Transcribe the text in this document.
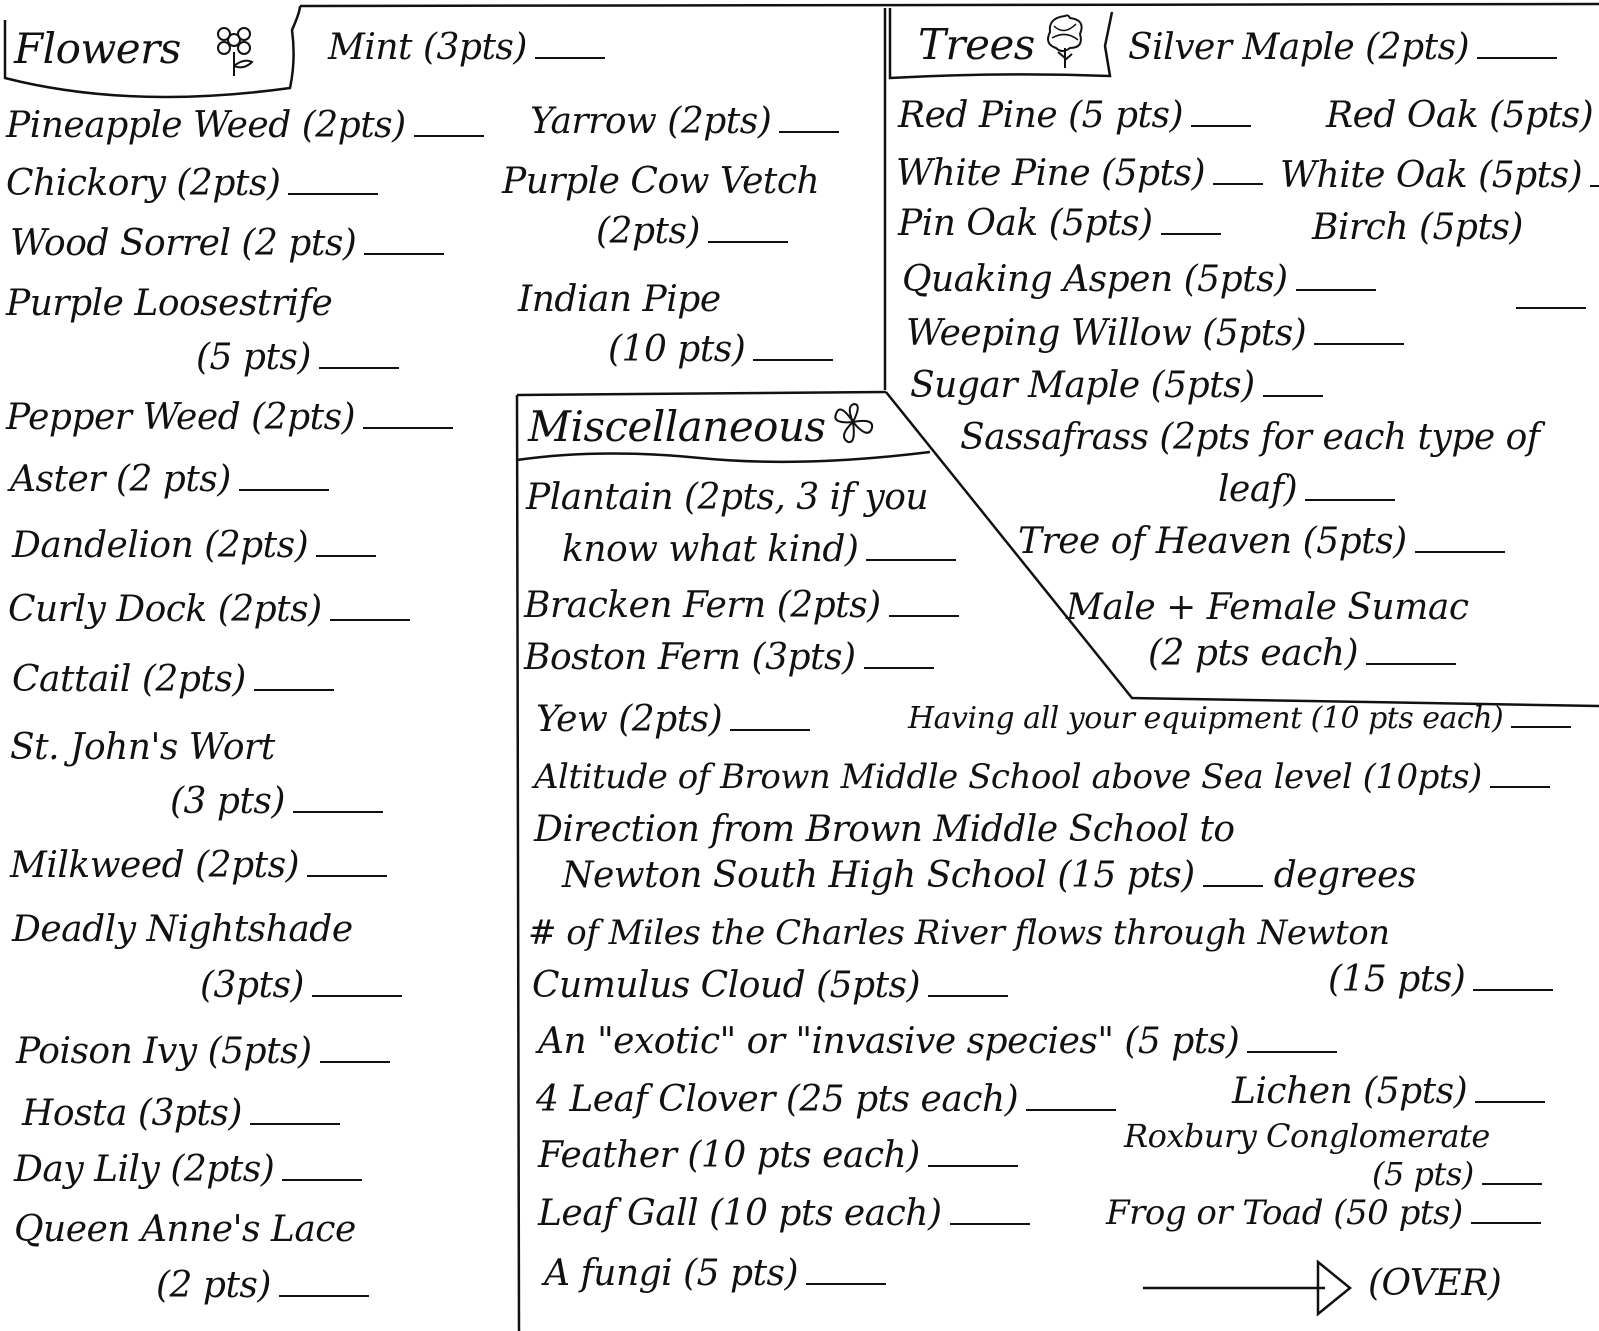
Flowers	Mint (3pts)
Pineapple Weed (2pts)
Chickory (2pts)
Wood Sorrel (2 pts)
Purple Loosestrife
(5 pts)
Pepper Weed (2pts)
Aster (2 pts)
Dandelion (2pts)
Curly Dock (2pts)
Cattail (2pts)
St. John's Wort
(3 pts)
Milkweed (2pts)
Deadly Nightshade
(3pts)
Poison Ivy (5pts)
Hosta (3pts)
Day Lily (2pts)
Queen Anne's Lace
(2 pts)
Yarrow (2pts)
Purple Cow Vetch
(2pts)
Indian Pipe
(10 pts)
Trees	Silver Maple (2pts)
Red Pine (5 pts)	Red Oak (5pts)
White Pine (5pts)	White Oak (5pts)
Pin Oak (5pts)	Birch (5pts)
Quaking Aspen (5pts)
Weeping Willow (5pts)
Sugar Maple (5pts)
Sassafrass (2pts for each type of
leaf)
Tree of Heaven (5pts)
Male + Female Sumac
(2 pts each)
Miscellaneous
Plantain (2pts, 3 if you
know what kind)
Bracken Fern (2pts)
Boston Fern (3pts)
Yew (2pts)	Having all your equipment (10 pts each)
Altitude of Brown Middle School above Sea level (10pts)
Direction from Brown Middle School to
Newton South High School (15 pts) degrees
# of Miles the Charles River flows through Newton
(15 pts)
Cumulus Cloud (5pts)
An "exotic" or "invasive species" (5 pts)
4 Leaf Clover (25 pts each)	Lichen (5pts)
Feather (10 pts each)	Roxbury Conglomerate
(5 pts)
Leaf Gall (10 pts each)	Frog or Toad (50 pts)
A fungi (5 pts)	(OVER)
